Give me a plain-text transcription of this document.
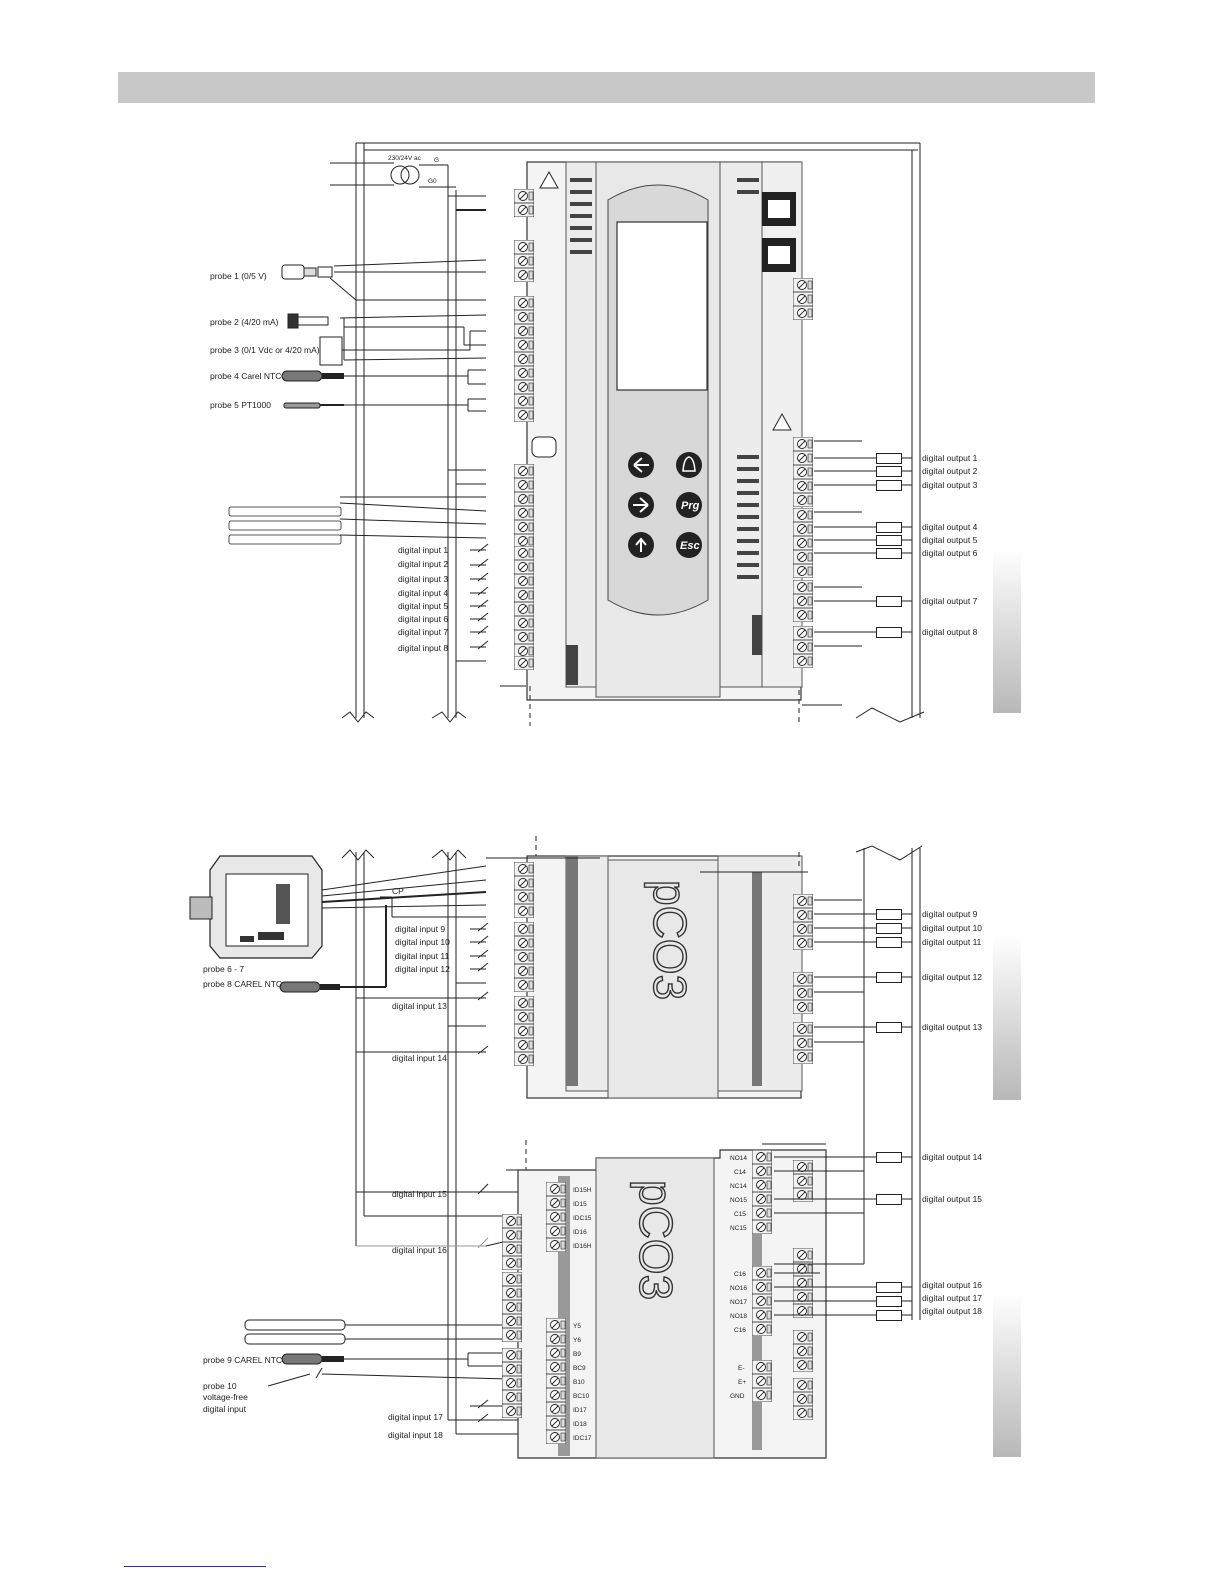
230/24V ac G
G0
probe 1 (0/5 V)
probe 2 (4/20 mA)
probe 3 (0/1 Vdc or 4/20 mA)
probe 4 Carel NTC
probe 5 PT1000
digital input 1
digital input 2
digital input 3
digital input 4
digital input 5
digital input 6
digital input 7
digital input 8
Prg
Esc
digital output 1
digital output 2
digital output 3
digital output 4
digital output 5
digital output 6
digital output 7
digital output 8
CP
probe 6 - 7
probe 8 CAREL NTC
digital input 9
digital input 10
digital input 11
digital input 12
digital input 13
digital input 14
pCO3	digital output 9
digital output 10
digital output 11
digital output 12
digital output 13
digital input 15
digital input 16
probe 9 CAREL NTC
probe 10
voltage-free
digital input
digital input 17
digital input 18
pCO3
ID15H
ID15
IDC15
ID16
ID16H
Y5
Y6
B9
BC9
B10
BC10
ID17
ID18
IDC17
NO14
C14
NC14
NO15
C15
NC15
C16
NO16
NO17
NO18
C16
E-
E+
GND
digital output 14
digital output 15
digital output 16
digital output 17
digital output 18
